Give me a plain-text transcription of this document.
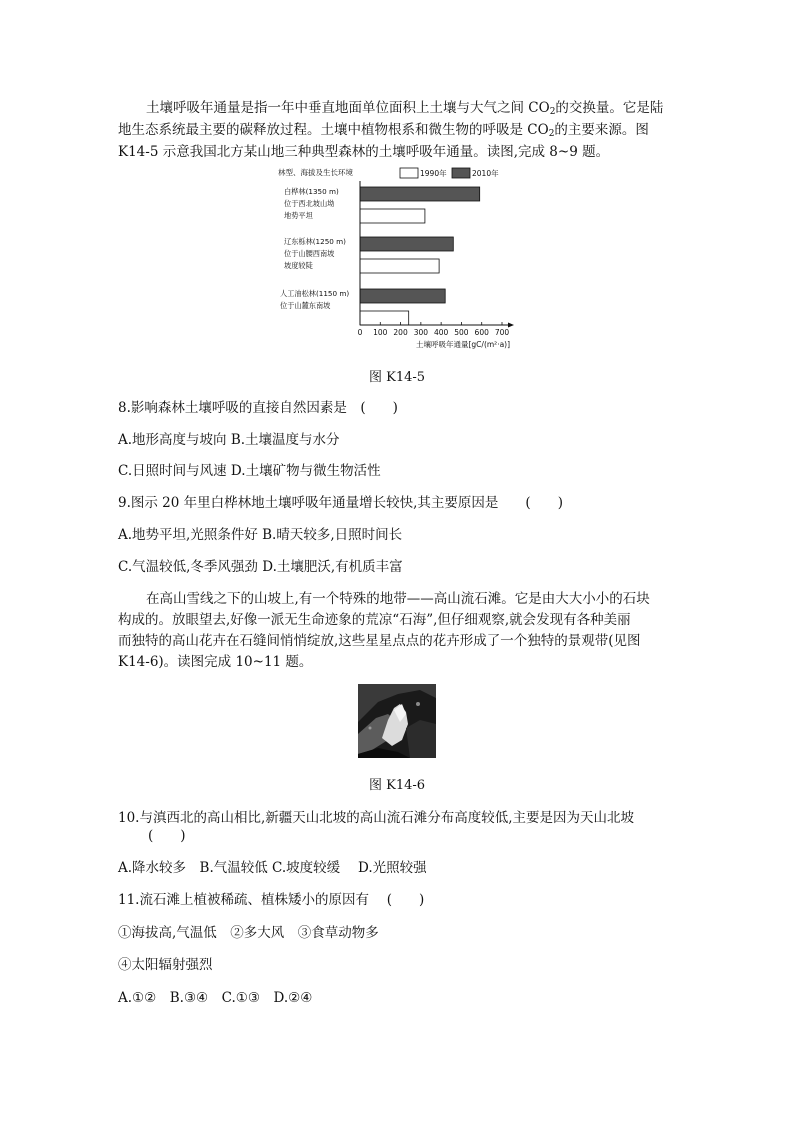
土壤呼吸年通量是指一年中垂直地面单位面积上土壤与大气之间 $CO_2$的交换量。它是陆
地生态系统最主要的碳释放过程。土壤中植物根系和微生物的呼吸是 $CO_2$的主要来源。图
K14-5 示意我国北方某山地三种典型森林的土壤呼吸年通量。读图,完成 8~9 题。
林型、海拔及生长环境	1990年	2010年
白桦林(1350 m)
位于西北坡山坳
地势平坦
辽东栎林(1250 m)
位于山腰西南坡
坡度较陡
人工油松林(1150 m)
位于山麓东南坡
0 100 200 300 400 500 600 700
土壤呼吸年通量[gC/(m²·a)]
图 K14-5
8.影响森林土壤呼吸的直接自然因素是　(　　)
A.地形高度与坡向 B.土壤温度与水分
C.日照时间与风速 D.土壤矿物与微生物活性
9.图示 20 年里白桦林地土壤呼吸年通量增长较快,其主要原因是　　(　　)
A.地势平坦,光照条件好 B.晴天较多,日照时间长
C.气温较低,冬季风强劲 D.土壤肥沃,有机质丰富
在高山雪线之下的山坡上,有一个特殊的地带——高山流石滩。它是由大大小小的石块
构成的。放眼望去,好像一派无生命迹象的荒凉“石海”,但仔细观察,就会发现有各种美丽
而独特的高山花卉在石缝间悄悄绽放,这些星星点点的花卉形成了一个独特的景观带(见图
K14-6)。读图完成 10~11 题。
图 K14-6
10.与滇西北的高山相比,新疆天山北坡的高山流石滩分布高度较低,主要是因为天山北坡
(　　)
A.降水较多　B.气温较低 C.坡度较缓　 D.光照较强
11.流石滩上植被稀疏、植株矮小的原因有　 (　　)
①海拔高,气温低　②多大风　③食草动物多
④太阳辐射强烈
A.①②　B.③④　C.①③　D.②④
